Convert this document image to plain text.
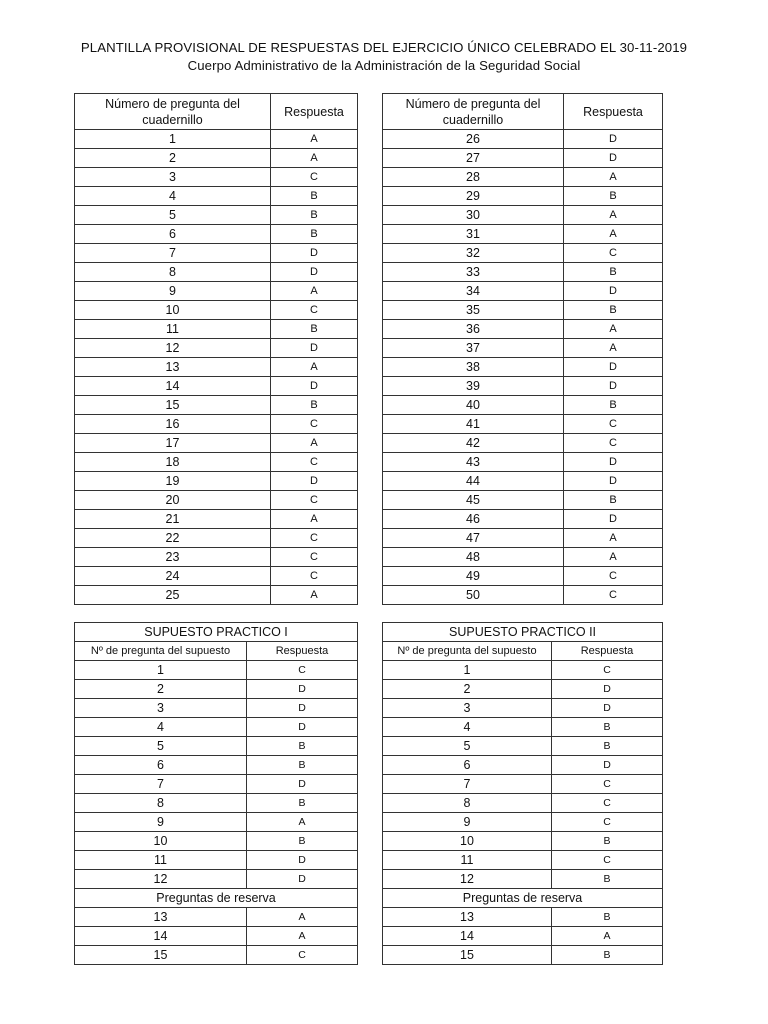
PLANTILLA PROVISIONAL DE RESPUESTAS DEL EJERCICIO ÚNICO CELEBRADO EL 30-11-2019
Cuerpo Administrativo de la Administración de la Seguridad Social
Número de pregunta del cuadernillo	Respuesta
1	A
2	A
3	C
4	B
5	B
6	B
7	D
8	D
9	A
10	C
11	B
12	D
13	A
14	D
15	B
16	C
17	A
18	C
19	D
20	C
21	A
22	C
23	C
24	C
25	A
Número de pregunta del cuadernillo	Respuesta
26	D
27	D
28	A
29	B
30	A
31	A
32	C
33	B
34	D
35	B
36	A
37	A
38	D
39	D
40	B
41	C
42	C
43	D
44	D
45	B
46	D
47	A
48	A
49	C
50	C
SUPUESTO PRACTICO I	
Nº de pregunta del supuesto	Respuesta
1	C
2	D
3	D
4	D
5	B
6	B
7	D
8	B
9	A
10	B
11	D
12	D
Preguntas de reserva	
13	A
14	A
15	C
SUPUESTO PRACTICO II	
Nº de pregunta del supuesto	Respuesta
1	C
2	D
3	D
4	B
5	B
6	D
7	C
8	C
9	C
10	B
11	C
12	B
Preguntas de reserva	
13	B
14	A
15	B
